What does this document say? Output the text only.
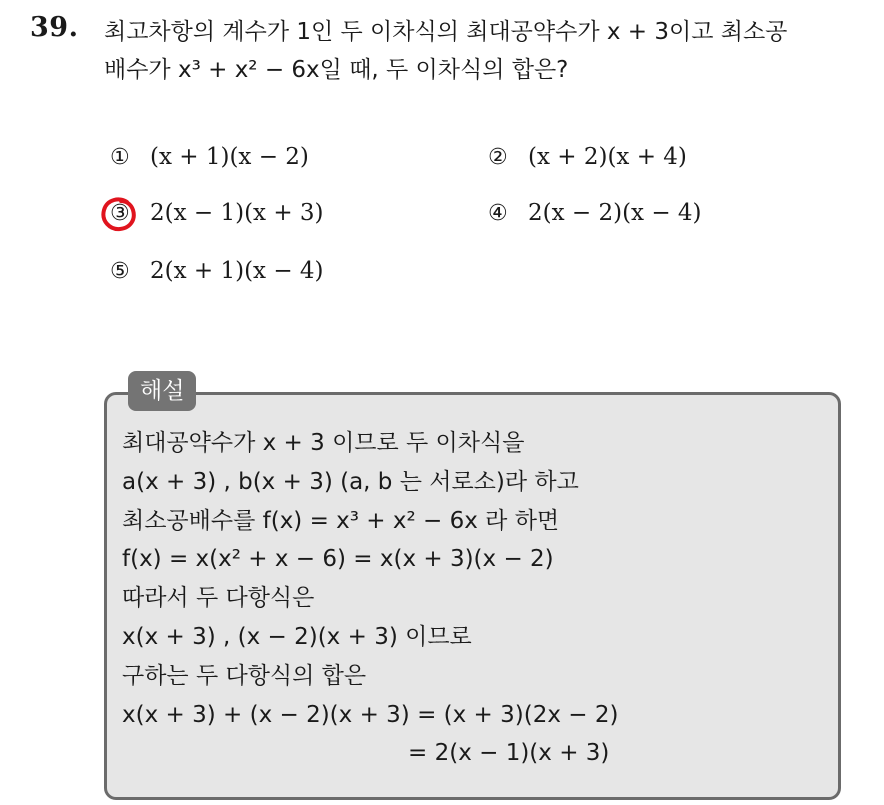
39. 최고차항의 계수가 1인 두 이차식의 최대공약수가 x + 3이고 최소공
배수가 x³ + x² − 6x일 때, 두 이차식의 합은?
① (x + 1)(x − 2)	② (x + 2)(x + 4)
③ 2(x − 1)(x + 3)	④ 2(x − 2)(x − 4)
⑤ 2(x + 1)(x − 4)
해설
최대공약수가 x + 3 이므로 두 이차식을
a(x + 3) , b(x + 3) (a, b 는 서로소)라 하고
최소공배수를 f(x) = x³ + x² − 6x 라 하면
f(x) = x(x² + x − 6) = x(x + 3)(x − 2)
따라서 두 다항식은
x(x + 3) , (x − 2)(x + 3) 이므로
구하는 두 다항식의 합은
x(x + 3) + (x − 2)(x + 3) = (x + 3)(2x − 2)
= 2(x − 1)(x + 3)
